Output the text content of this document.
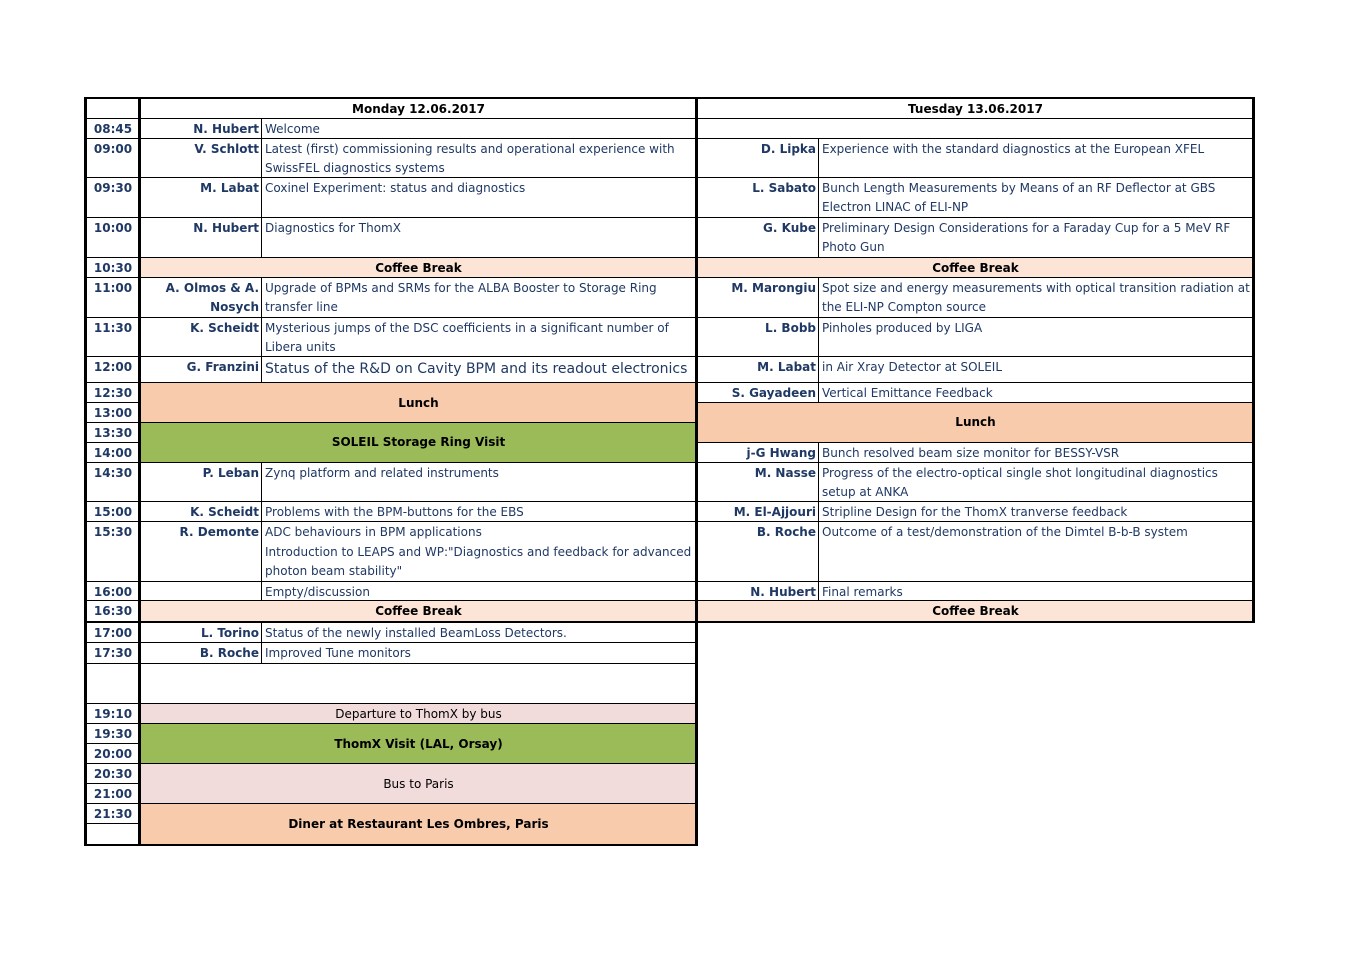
Monday 12.06.2017	Tuesday 13.06.2017
08:45
09:00
09:30
10:00
10:30
11:00
11:30
12:00
12:30
13:00
13:30
14:00
14:30
15:00
15:30
16:00
16:30
17:00
17:30
19:10
19:30
20:00
20:30
21:00
21:30
N. Hubert Welcome
V. Schlott Latest (first) commissioning results and operational experience with SwissFEL diagnostics systems
M. Labat Coxinel Experiment: status and diagnostics
N. Hubert Diagnostics for ThomX
Coffee Break
A. Olmos & A. Nosych
Upgrade of BPMs and SRMs for the ALBA Booster to Storage Ring transfer line
K. Scheidt Mysterious jumps of the DSC coefficients in a significant number of Libera units
G. Franzini Status of the R&D on Cavity BPM and its readout electronics
Lunch
SOLEIL Storage Ring Visit
P. Leban Zynq platform and related instruments
K. Scheidt Problems with the BPM-buttons for the EBS
R. Demonte ADC behaviours in BPM applications
Introduction to LEAPS and WP:"Diagnostics and feedback for advanced photon beam stability"
Empty/discussion
Coffee Break
L. Torino Status of the newly installed BeamLoss Detectors.
B. Roche Improved Tune monitors
Departure to ThomX by bus
ThomX Visit (LAL, Orsay)
Bus to Paris
Diner at Restaurant Les Ombres, Paris
D. Lipka Experience with the standard diagnostics at the European XFEL
L. Sabato Bunch Length Measurements by Means of an RF Deflector at GBS Electron LINAC of ELI-NP
G. Kube Preliminary Design Considerations for a Faraday Cup for a 5 MeV RF Photo Gun
Coffee Break
M. Marongiu Spot size and energy measurements with optical transition radiation at the ELI-NP Compton source
L. Bobb Pinholes produced by LIGA
M. Labat in Air Xray Detector at SOLEIL
S. Gayadeen Vertical Emittance Feedback
Lunch
j-G Hwang Bunch resolved beam size monitor for BESSY-VSR
M. Nasse Progress of the electro-optical single shot longitudinal diagnostics setup at ANKA
M. El-Ajjouri Stripline Design for the ThomX tranverse feedback
B. Roche Outcome of a test/demonstration of the Dimtel B-b-B system
N. Hubert Final remarks
Coffee Break
